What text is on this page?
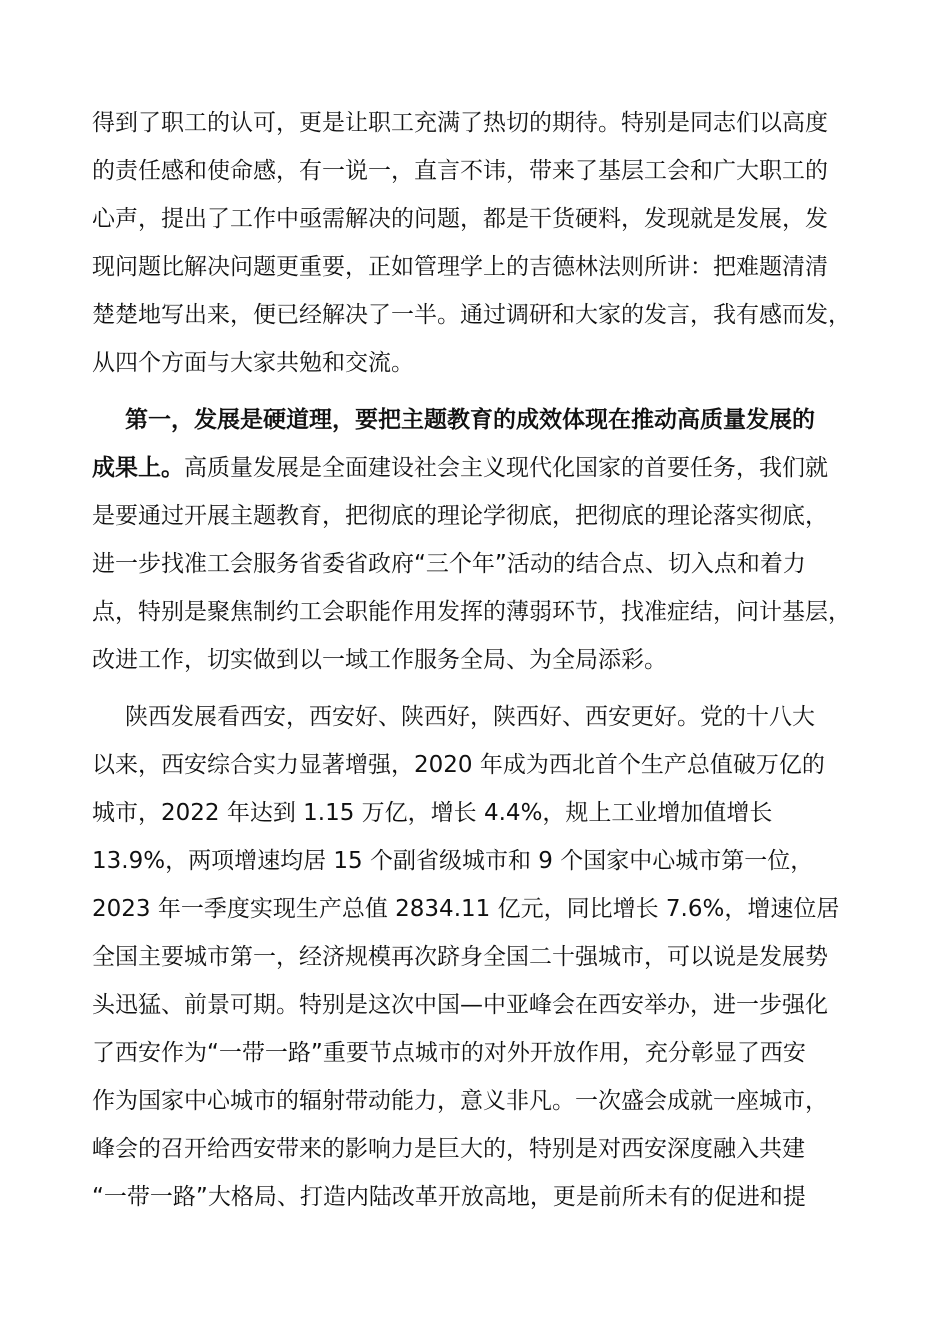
得到了职工的认可，更是让职工充满了热切的期待。特别是同志们以高度
的责任感和使命感，有一说一，直言不讳，带来了基层工会和广大职工的
心声，提出了工作中亟需解决的问题，都是干货硬料，发现就是发展，发
现问题比解决问题更重要，正如管理学上的吉德林法则所讲：把难题清清
楚楚地写出来，便已经解决了一半。通过调研和大家的发言，我有感而发，
从四个方面与大家共勉和交流。
第一，发展是硬道理，要把主题教育的成效体现在推动高质量发展的
成果上。高质量发展是全面建设社会主义现代化国家的首要任务，我们就
是要通过开展主题教育，把彻底的理论学彻底，把彻底的理论落实彻底，
进一步找准工会服务省委省政府“三个年”活动的结合点、切入点和着力
点，特别是聚焦制约工会职能作用发挥的薄弱环节，找准症结，问计基层，
改进工作，切实做到以一域工作服务全局、为全局添彩。
陕西发展看西安，西安好、陕西好，陕西好、西安更好。党的十八大
以来，西安综合实力显著增强，2020 年成为西北首个生产总值破万亿的
城市，2022 年达到 1.15 万亿，增长 4.4%，规上工业增加值增长
13.9%，两项增速均居 15 个副省级城市和 9 个国家中心城市第一位，
2023 年一季度实现生产总值 2834.11 亿元，同比增长 7.6%，增速位居
全国主要城市第一，经济规模再次跻身全国二十强城市，可以说是发展势
头迅猛、前景可期。特别是这次中国—中亚峰会在西安举办，进一步强化
了西安作为“一带一路”重要节点城市的对外开放作用，充分彰显了西安
作为国家中心城市的辐射带动能力，意义非凡。一次盛会成就一座城市，
峰会的召开给西安带来的影响力是巨大的，特别是对西安深度融入共建
“一带一路”大格局、打造内陆改革开放高地，更是前所未有的促进和提
